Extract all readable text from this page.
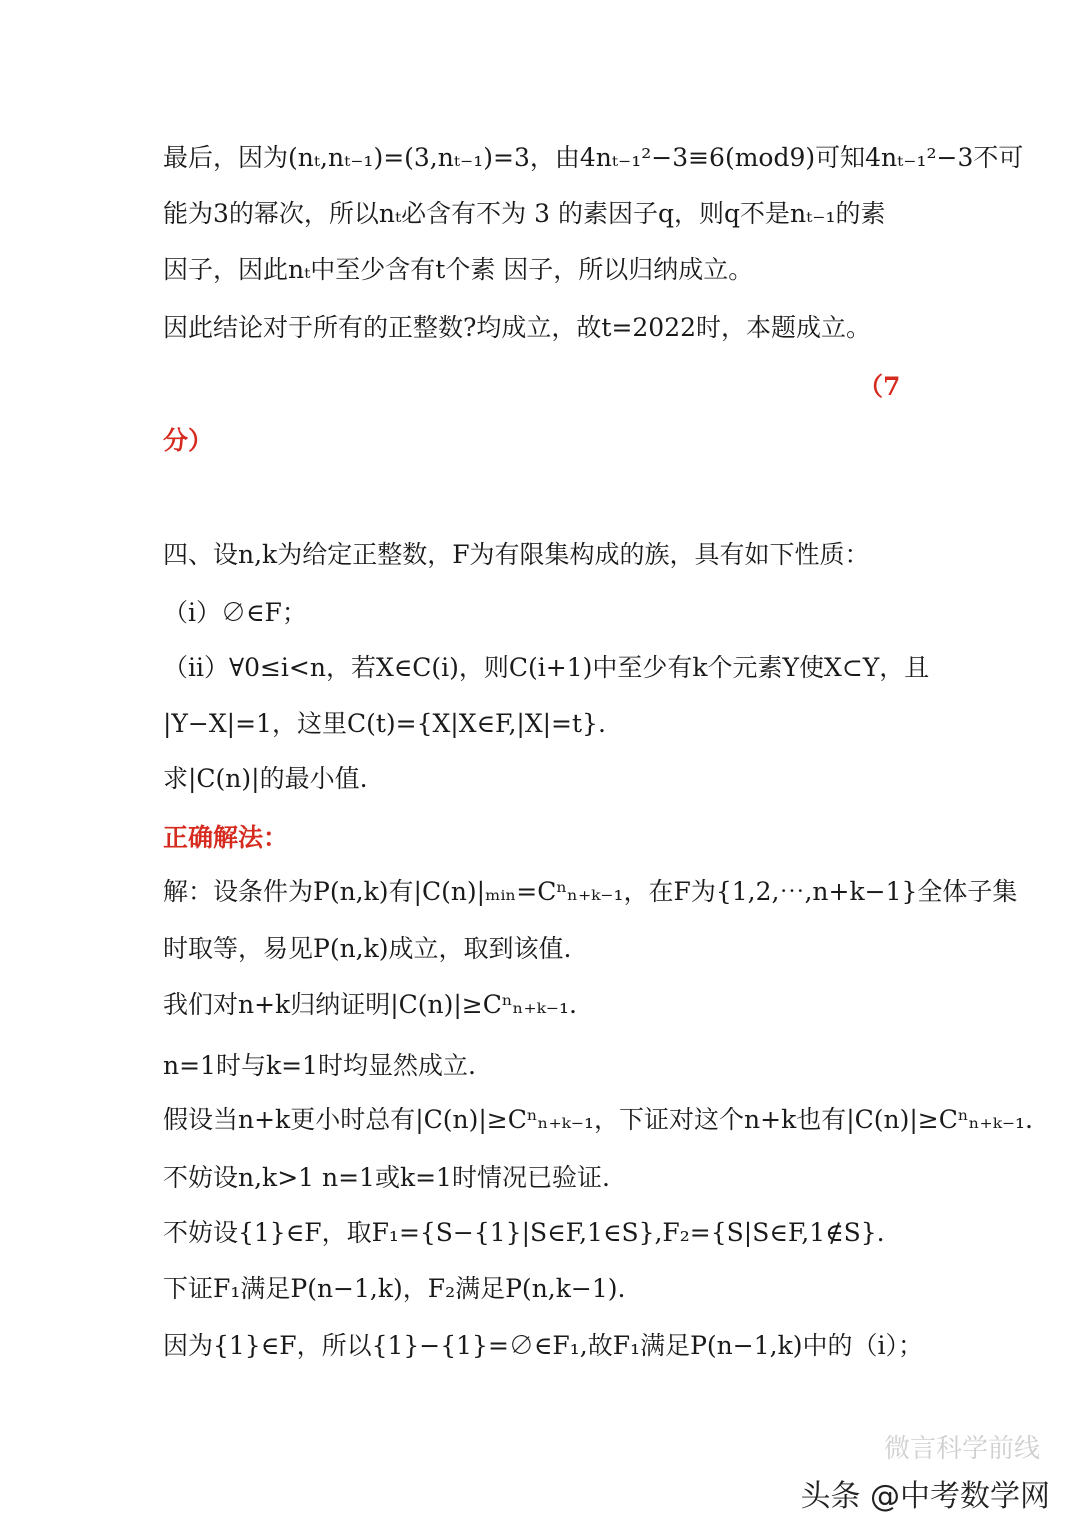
最后，因为(nₜ,nₜ₋₁)=(3,nₜ₋₁)=3，由4nₜ₋₁²−3≡6(mod9)可知4nₜ₋₁²−3不可
能为3的幂次，所以nₜ必含有不为 3 的素因子q，则q不是nₜ₋₁的素
因子，因此nₜ中至少含有t个素 因子，所以归纳成立。
因此结论对于所有的正整数?均成立，故t=2022时，本题成立。
（7
分）
四、设n,k为给定正整数，F为有限集构成的族，具有如下性质：
（i）∅∈F；
（ii）∀0≤i<n，若X∈C(i)，则C(i+1)中至少有k个元素Y使X⊂Y，且
|Y−X|=1，这里C(t)={X|X∈F,|X|=t}.
求|C(n)|的最小值.
正确解法：
解：设条件为P(n,k)有|C(n)|ₘᵢₙ=Cⁿₙ₊ₖ₋₁，在F为{1,2,⋯,n+k−1}全体子集
时取等，易见P(n,k)成立，取到该值.
我们对n+k归纳证明|C(n)|≥Cⁿₙ₊ₖ₋₁.
n=1时与k=1时均显然成立.
假设当n+k更小时总有|C(n)|≥Cⁿₙ₊ₖ₋₁，下证对这个n+k也有|C(n)|≥Cⁿₙ₊ₖ₋₁.
不妨设n,k>1 n=1或k=1时情况已验证.
不妨设{1}∈F，取F₁={S−{1}|S∈F,1∈S},F₂={S|S∈F,1∉S}.
下证F₁满足P(n−1,k)，F₂满足P(n,k−1).
因为{1}∈F，所以{1}−{1}=∅∈F₁,故F₁满足P(n−1,k)中的（i）；
微言科学前线
头条 @中考数学网
